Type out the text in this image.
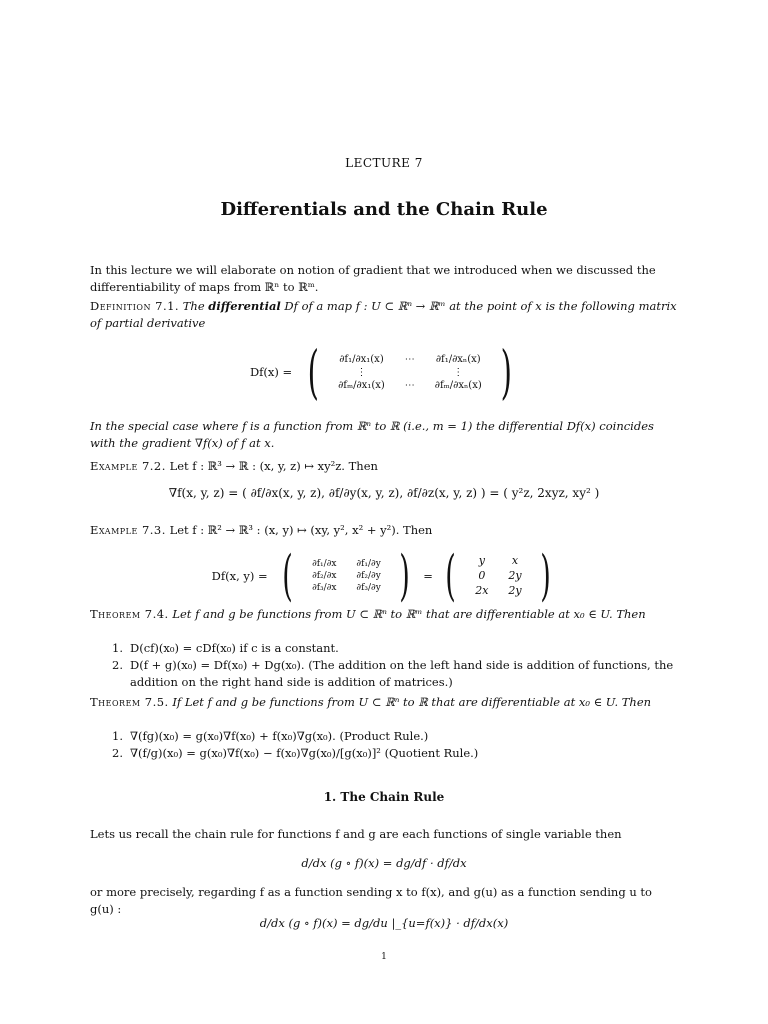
LECTURE 7
Differentials and the Chain Rule
In this lecture we will elaborate on notion of gradient that we introduced when we discussed the differentiability of maps from ℝⁿ to ℝᵐ.
Definition 7.1. The differential Df of a map f : U ⊂ ℝⁿ → ℝᵐ at the point of x is the following matrix of partial derivative
Df(x) = ( ∂f₁/∂x₁(x)	⋯	∂f₁/∂xₙ(x)
⋮		⋮
∂fₘ/∂x₁(x)	⋯	∂fₘ/∂xₙ(x) )
In the special case where f is a function from ℝⁿ to ℝ (i.e., m = 1) the differential Df(x) coincides with the gradient ∇f(x) of f at x.
Example 7.2. Let f : ℝ³ → ℝ : (x, y, z) ↦ xy²z. Then
∇f(x, y, z) = ( ∂f/∂x(x, y, z), ∂f/∂y(x, y, z), ∂f/∂z(x, y, z) ) = ( y²z, 2xyz, xy² )
Example 7.3. Let f : ℝ² → ℝ³ : (x, y) ↦ (xy, y², x² + y²). Then
Df(x, y) = ( ∂f₁/∂x	∂f₁/∂y
∂f₂/∂x	∂f₂/∂y
∂f₃/∂x	∂f₃/∂y ) = ( y	x
0	2y
2x	2y )
Theorem 7.4. Let f and g be functions from U ⊂ ℝⁿ to ℝᵐ that are differentiable at x₀ ∈ U. Then
1. D(cf)(x₀) = cDf(x₀) if c is a constant.
2. D(f + g)(x₀) = Df(x₀) + Dg(x₀). (The addition on the left hand side is addition of functions, the addition on the right hand side is addition of matrices.)
Theorem 7.5. If Let f and g be functions from U ⊂ ℝⁿ to ℝ that are differentiable at x₀ ∈ U. Then
1. ∇(fg)(x₀) = g(x₀)∇f(x₀) + f(x₀)∇g(x₀). (Product Rule.)
2. ∇(f/g)(x₀) = g(x₀)∇f(x₀) − f(x₀)∇g(x₀)/[g(x₀)]² (Quotient Rule.)
1. The Chain Rule
Lets us recall the chain rule for functions f and g are each functions of single variable then
d/dx (g ∘ f)(x) = dg/df · df/dx
or more precisely, regarding f as a function sending x to f(x), and g(u) as a function sending u to g(u) :
d/dx (g ∘ f)(x) = dg/du |_{u=f(x)} · df/dx(x)
1
